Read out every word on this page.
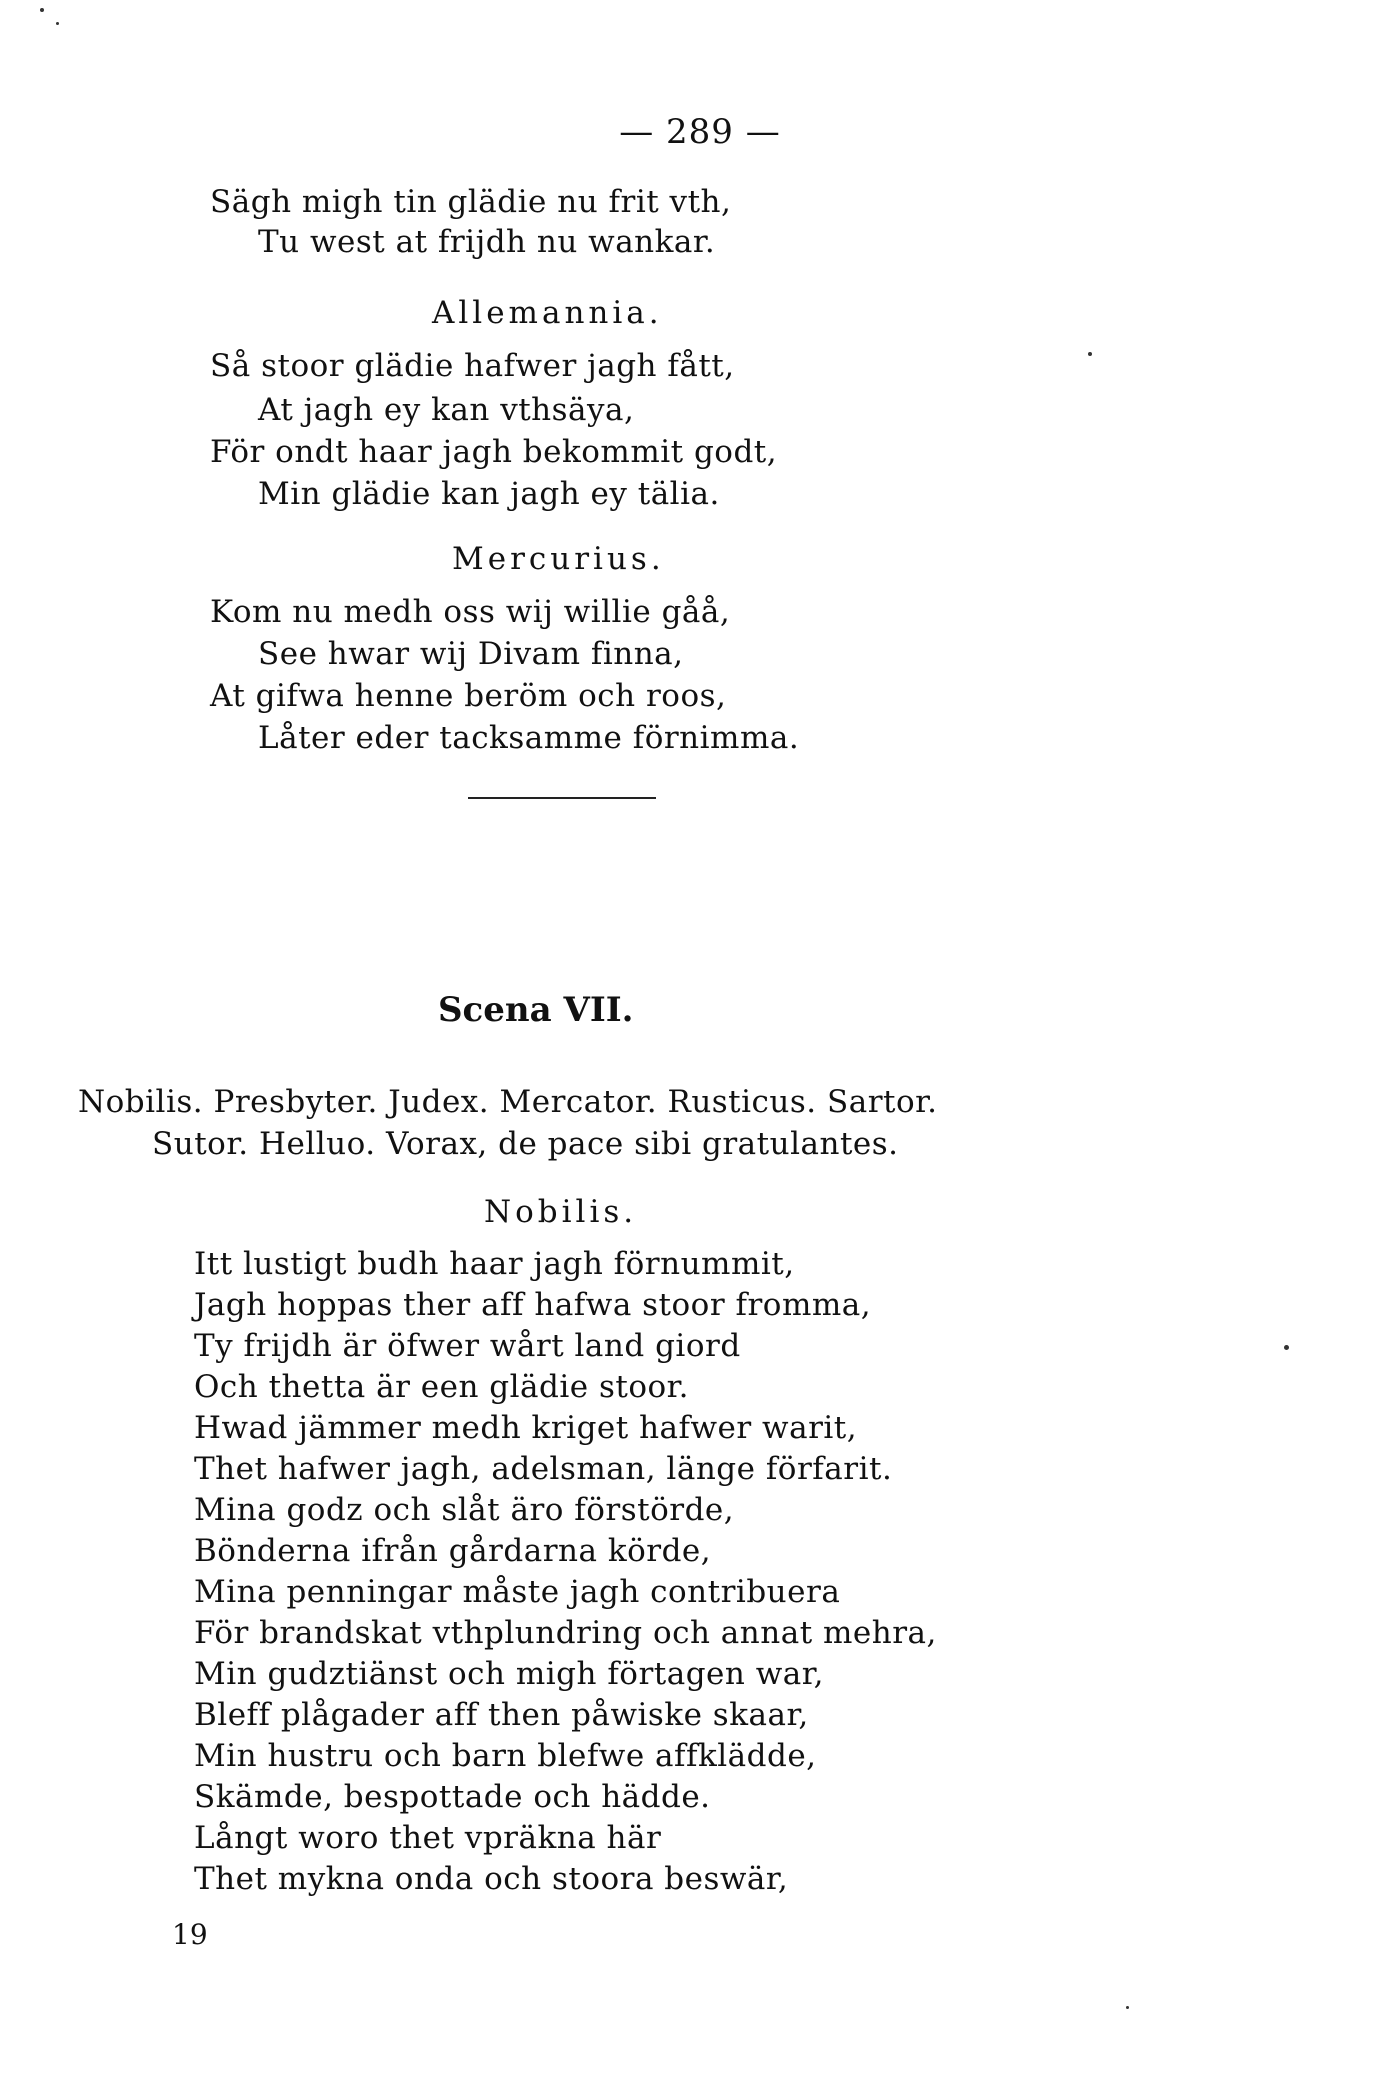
— 289 —
Sägh migh tin glädie nu frit vth,
Tu west at frijdh nu wankar.
Allemannia.
Så stoor glädie hafwer jagh fått,
At jagh ey kan vthsäya,
För ondt haar jagh bekommit godt,
Min glädie kan jagh ey tälia.
Mercurius.
Kom nu medh oss wij willie gåå,
See hwar wij Divam finna,
At gifwa henne beröm och roos,
Låter eder tacksamme förnimma.
Scena VII.
Nobilis. Presbyter. Judex. Mercator. Rusticus. Sartor.
Sutor. Helluo. Vorax, de pace sibi gratulantes.
Nobilis.
Itt lustigt budh haar jagh förnummit,
Jagh hoppas ther aff hafwa stoor fromma,
Ty frijdh är öfwer wårt land giord
Och thetta är een glädie stoor.
Hwad jämmer medh kriget hafwer warit,
Thet hafwer jagh, adelsman, länge förfarit.
Mina godz och slåt äro förstörde,
Bönderna ifrån gårdarna körde,
Mina penningar måste jagh contribuera
För brandskat vthplundring och annat mehra,
Min gudztiänst och migh förtagen war,
Bleff plågader aff then påwiske skaar,
Min hustru och barn blefwe affklädde,
Skämde, bespottade och hädde.
Långt woro thet vpräkna här
Thet mykna onda och stoora beswär,
19
